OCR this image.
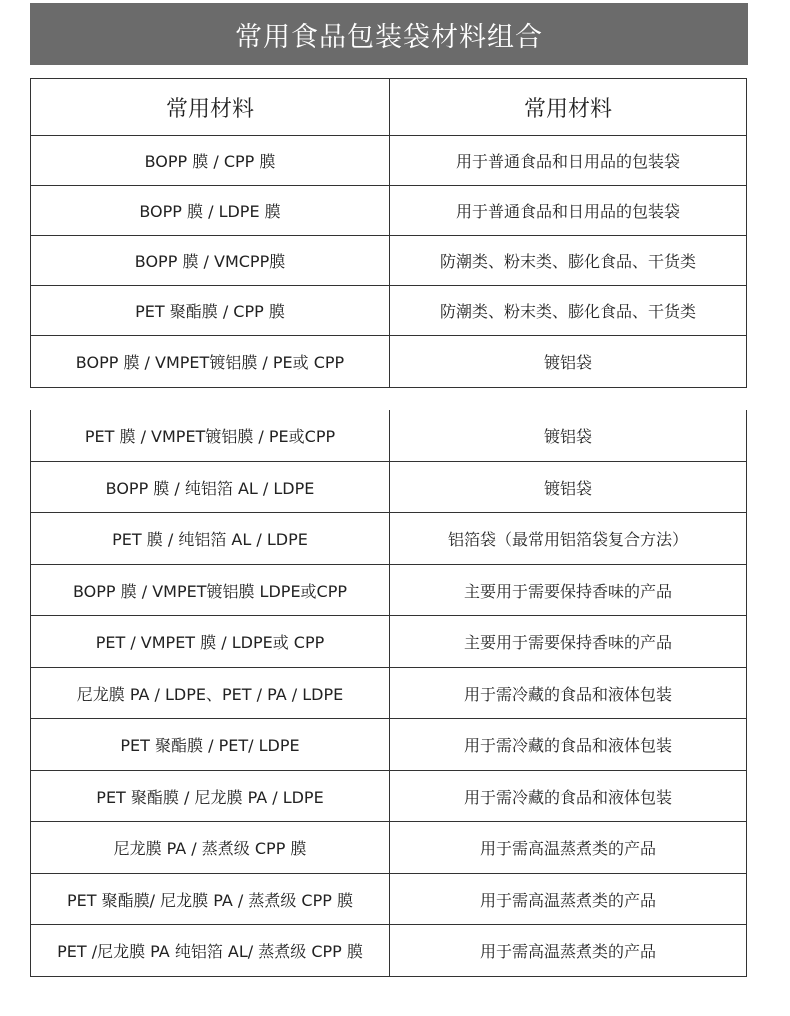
常用食品包装袋材料组合
常用材料	常用材料
BOPP 膜 / CPP 膜	用于普通食品和日用品的包装袋
BOPP 膜 / LDPE 膜	用于普通食品和日用品的包装袋
BOPP 膜 / VMCPP膜	防潮类、粉末类、膨化食品、干货类
PET 聚酯膜 / CPP 膜	防潮类、粉末类、膨化食品、干货类
BOPP 膜 / VMPET镀铝膜 / PE或 CPP	镀铝袋
PET 膜 / VMPET镀铝膜 / PE或CPP	镀铝袋
BOPP 膜 / 纯铝箔 AL / LDPE	镀铝袋
PET 膜 / 纯铝箔 AL / LDPE	铝箔袋（最常用铝箔袋复合方法）
BOPP 膜 / VMPET镀铝膜 LDPE或CPP	主要用于需要保持香味的产品
PET / VMPET 膜 / LDPE或 CPP	主要用于需要保持香味的产品
尼龙膜 PA / LDPE、PET / PA / LDPE	用于需冷藏的食品和液体包装
PET 聚酯膜 / PET/ LDPE	用于需冷藏的食品和液体包装
PET 聚酯膜 / 尼龙膜 PA / LDPE	用于需冷藏的食品和液体包装
尼龙膜 PA / 蒸煮级 CPP 膜	用于需高温蒸煮类的产品
PET 聚酯膜/ 尼龙膜 PA / 蒸煮级 CPP 膜	用于需高温蒸煮类的产品
PET /尼龙膜 PA 纯铝箔 AL/ 蒸煮级 CPP 膜	用于需高温蒸煮类的产品
